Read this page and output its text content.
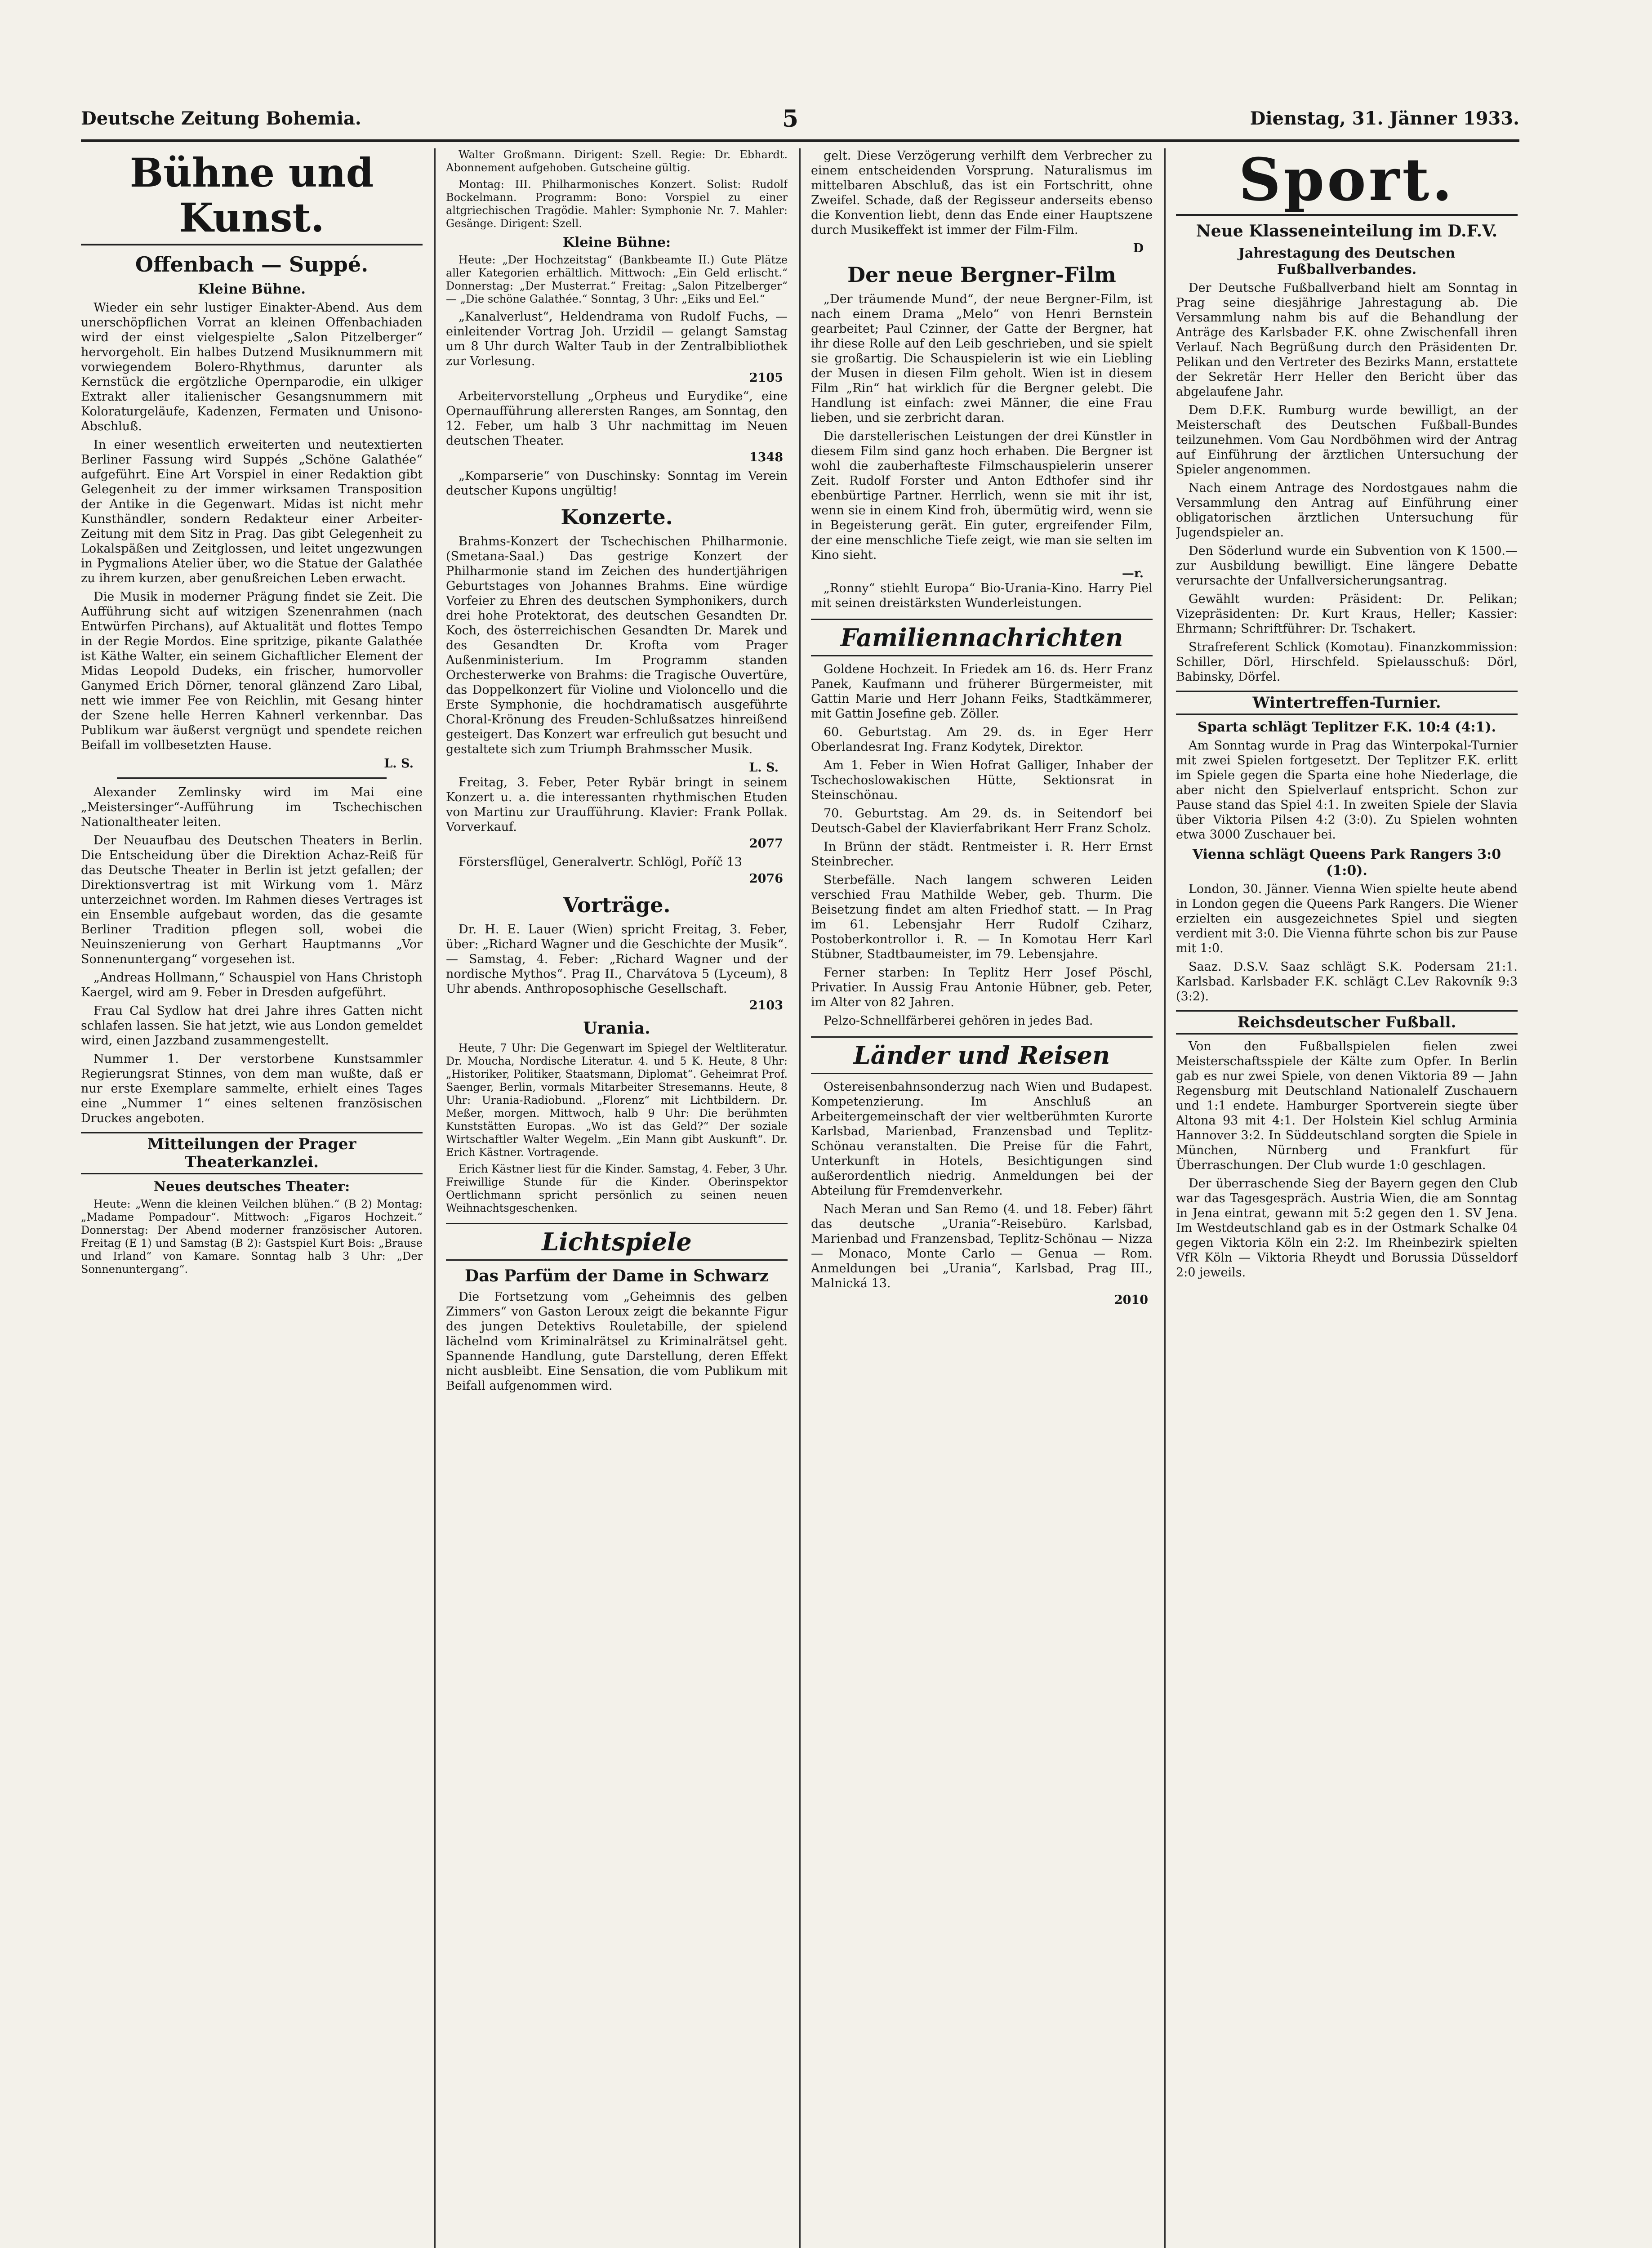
Deutsche Zeitung Bohemia.	5	Dienstag, 31. Jänner 1933.
Bühne und Kunst.
Offenbach — Suppé.
Kleine Bühne.

Wieder ein sehr lustiger Einakter-Abend. Aus dem unerschöpflichen Vorrat an kleinen Offenbachiaden wird der einst vielgespielte „Salon Pitzelberger“ hervorgeholt. Ein halbes Dutzend Musiknummern mit vorwiegendem Bolero-Rhythmus, darunter als Kernstück die ergötzliche Opernparodie, ein ulkiger Extrakt aller italienischer Gesangsnummern mit Koloraturgeläufe, Kadenzen, Fermaten und Unisono-Abschluß.

In einer wesentlich erweiterten und neutextierten Berliner Fassung wird Suppés „Schöne Galathée“ aufgeführt. Eine Art Vorspiel in einer Redaktion gibt Gelegenheit zu der immer wirksamen Transposition der Antike in die Gegenwart. Midas ist nicht mehr Kunsthändler, sondern Redakteur einer Arbeiter-Zeitung mit dem Sitz in Prag. Das gibt Gelegenheit zu Lokalspäßen und Zeitglossen, und leitet ungezwungen in Pygmalions Atelier über, wo die Statue der Galathée zu ihrem kurzen, aber genußreichen Leben erwacht.

Die Musik in moderner Prägung findet sie Zeit. Die Aufführung sicht auf witzigen Szenenrahmen (nach Entwürfen Pirchans), auf Aktualität und flottes Tempo in der Regie Mordos. Eine spritzige, pikante Galathée ist Käthe Walter, ein seinem Gichaftlicher Element der Midas Leopold Dudeks, ein frischer, humorvoller Ganymed Erich Dörner, tenoral glänzend Zaro Libal, nett wie immer Fee von Reichlin, mit Gesang hinter der Szene helle Herren Kahnerl verkennbar. Das Publikum war äußerst vergnügt und spendete reichen Beifall im vollbesetzten Hause.

L. S.

Alexander Zemlinsky wird im Mai eine „Meistersinger“-Aufführung im Tschechischen Nationaltheater leiten.

Der Neuaufbau des Deutschen Theaters in Berlin. Die Entscheidung über die Direktion Achaz-Reiß für das Deutsche Theater in Berlin ist jetzt gefallen; der Direktionsvertrag ist mit Wirkung vom 1. März unterzeichnet worden. Im Rahmen dieses Vertrages ist ein Ensemble aufgebaut worden, das die gesamte Berliner Tradition pflegen soll, wobei die Neuinszenierung von Gerhart Hauptmanns „Vor Sonnenuntergang“ vorgesehen ist.

„Andreas Hollmann,“ Schauspiel von Hans Christoph Kaergel, wird am 9. Feber in Dresden aufgeführt.

Frau Cal Sydlow hat drei Jahre ihres Gatten nicht schlafen lassen. Sie hat jetzt, wie aus London gemeldet wird, einen Jazzband zusammengestellt.

Nummer 1. Der verstorbene Kunstsammler Regierungsrat Stinnes, von dem man wußte, daß er nur erste Exemplare sammelte, erhielt eines Tages eine „Nummer 1“ eines seltenen französischen Druckes angeboten.

Mitteilungen der Prager Theaterkanzlei.
Neues deutsches Theater:

Heute: „Wenn die kleinen Veilchen blühen.“ (B 2) Montag: „Madame Pompadour“. Mittwoch: „Figaros Hochzeit.“ Donnerstag: Der Abend moderner französischer Autoren. Freitag (E 1) und Samstag (B 2): Gastspiel Kurt Bois: „Brause und Irland“ von Kamare. Sonntag halb 3 Uhr: „Der Sonnenuntergang“.

Walter Großmann. Dirigent: Szell. Regie: Dr. Ebhardt. Abonnement aufgehoben. Gutscheine gültig.

Montag: III. Philharmonisches Konzert. Solist: Rudolf Bockelmann. Programm: Bono: Vorspiel zu einer altgriechischen Tragödie. Mahler: Symphonie Nr. 7. Mahler: Gesänge. Dirigent: Szell.

Kleine Bühne:

Heute: „Der Hochzeitstag“ (Bankbeamte II.) Gute Plätze aller Kategorien erhältlich. Mittwoch: „Ein Geld erlischt.“ Donnerstag: „Der Musterrat.“ Freitag: „Salon Pitzelberger“ — „Die schöne Galathée.“ Sonntag, 3 Uhr: „Eiks und Eel.“

„Kanalverlust“, Heldendrama von Rudolf Fuchs, — einleitender Vortrag Joh. Urzidil — gelangt Samstag um 8 Uhr durch Walter Taub in der Zentralbibliothek zur Vorlesung.

2105

Arbeitervorstellung „Orpheus und Eurydike“, eine Opernaufführung allerersten Ranges, am Sonntag, den 12. Feber, um halb 3 Uhr nachmittag im Neuen deutschen Theater.

1348

„Komparserie“ von Duschinsky: Sonntag im Verein deutscher Kupons ungültig!

Konzerte.

Brahms-Konzert der Tschechischen Philharmonie. (Smetana-Saal.) Das gestrige Konzert der Philharmonie stand im Zeichen des hundertjährigen Geburtstages von Johannes Brahms. Eine würdige Vorfeier zu Ehren des deutschen Symphonikers, durch drei hohe Protektorat, des deutschen Gesandten Dr. Koch, des österreichischen Gesandten Dr. Marek und des Gesandten Dr. Krofta vom Prager Außenministerium. Im Programm standen Orchesterwerke von Brahms: die Tragische Ouvertüre, das Doppelkonzert für Violine und Violoncello und die Erste Symphonie, die hochdramatisch ausgeführte Choral-Krönung des Freuden-Schlußsatzes hinreißend gesteigert. Das Konzert war erfreulich gut besucht und gestaltete sich zum Triumph Brahmsscher Musik.

L. S.

Freitag, 3. Feber, Peter Rybär bringt in seinem Konzert u. a. die interessanten rhythmischen Etuden von Martinu zur Uraufführung. Klavier: Frank Pollak. Vorverkauf.

2077

Förstersflügel, Generalvertr. Schlögl, Poříč 13

2076
Vorträge.

Dr. H. E. Lauer (Wien) spricht Freitag, 3. Feber, über: „Richard Wagner und die Geschichte der Musik“. — Samstag, 4. Feber: „Richard Wagner und der nordische Mythos“. Prag II., Charvátova 5 (Lyceum), 8 Uhr abends. Anthroposophische Gesellschaft.

2103
Urania.

Heute, 7 Uhr: Die Gegenwart im Spiegel der Weltliteratur. Dr. Moucha, Nordische Literatur. 4. und 5 K. Heute, 8 Uhr: „Historiker, Politiker, Staatsmann, Diplomat“. Geheimrat Prof. Saenger, Berlin, vormals Mitarbeiter Stresemanns. Heute, 8 Uhr: Urania-Radiobund. „Florenz“ mit Lichtbildern. Dr. Meßer, morgen. Mittwoch, halb 9 Uhr: Die berühmten Kunststätten Europas. „Wo ist das Geld?“ Der soziale Wirtschaftler Walter Wegelm. „Ein Mann gibt Auskunft“. Dr. Erich Kästner. Vortragende.

Erich Kästner liest für die Kinder. Samstag, 4. Feber, 3 Uhr. Freiwillige Stunde für die Kinder. Oberinspektor Oertlichmann spricht persönlich zu seinen neuen Weihnachtsgeschenken.

Lichtspiele
Das Parfüm der Dame in Schwarz

Die Fortsetzung vom „Geheimnis des gelben Zimmers“ von Gaston Leroux zeigt die bekannte Figur des jungen Detektivs Rouletabille, der spielend lächelnd vom Kriminalrätsel zu Kriminalrätsel geht. Spannende Handlung, gute Darstellung, deren Effekt nicht ausbleibt. Eine Sensation, die vom Publikum mit Beifall aufgenommen wird.

gelt. Diese Verzögerung verhilft dem Verbrecher zu einem entscheidenden Vorsprung. Naturalismus im mittelbaren Abschluß, das ist ein Fortschritt, ohne Zweifel. Schade, daß der Regisseur anderseits ebenso die Konvention liebt, denn das Ende einer Hauptszene durch Musikeffekt ist immer der Film-Film.

D
Der neue Bergner-Film

„Der träumende Mund“, der neue Bergner-Film, ist nach einem Drama „Melo“ von Henri Bernstein gearbeitet; Paul Czinner, der Gatte der Bergner, hat ihr diese Rolle auf den Leib geschrieben, und sie spielt sie großartig. Die Schauspielerin ist wie ein Liebling der Musen in diesen Film geholt. Wien ist in diesem Film „Rin“ hat wirklich für die Bergner gelebt. Die Handlung ist einfach: zwei Männer, die eine Frau lieben, und sie zerbricht daran.

Die darstellerischen Leistungen der drei Künstler in diesem Film sind ganz hoch erhaben. Die Bergner ist wohl die zauberhafteste Filmschauspielerin unserer Zeit. Rudolf Forster und Anton Edthofer sind ihr ebenbürtige Partner. Herrlich, wenn sie mit ihr ist, wenn sie in einem Kind froh, übermütig wird, wenn sie in Begeisterung gerät. Ein guter, ergreifender Film, der eine menschliche Tiefe zeigt, wie man sie selten im Kino sieht.

—r.

„Ronny“ stiehlt Europa“ Bio-Urania-Kino. Harry Piel mit seinen dreistärksten Wunderleistungen.

Familiennachrichten

Goldene Hochzeit. In Friedek am 16. ds. Herr Franz Panek, Kaufmann und früherer Bürgermeister, mit Gattin Marie und Herr Johann Feiks, Stadtkämmerer, mit Gattin Josefine geb. Zöller.

60. Geburtstag. Am 29. ds. in Eger Herr Oberlandesrat Ing. Franz Kodytek, Direktor.

Am 1. Feber in Wien Hofrat Galliger, Inhaber der Tschechoslowakischen Hütte, Sektionsrat in Steinschönau.

70. Geburtstag. Am 29. ds. in Seitendorf bei Deutsch-Gabel der Klavierfabrikant Herr Franz Scholz.

In Brünn der städt. Rentmeister i. R. Herr Ernst Steinbrecher.

Sterbefälle. Nach langem schweren Leiden verschied Frau Mathilde Weber, geb. Thurm. Die Beisetzung findet am alten Friedhof statt. — In Prag im 61. Lebensjahr Herr Rudolf Cziharz, Postoberkontrollor i. R. — In Komotau Herr Karl Stübner, Stadtbaumeister, im 79. Lebensjahre.

Ferner starben: In Teplitz Herr Josef Pöschl, Privatier. In Aussig Frau Antonie Hübner, geb. Peter, im Alter von 82 Jahren.

Pelzo-Schnellfärberei gehören in jedes Bad.

Länder und Reisen

Ostereisenbahnsonderzug nach Wien und Budapest. Kompetenzierung. Im Anschluß an Arbeitergemeinschaft der vier weltberühmten Kurorte Karlsbad, Marienbad, Franzensbad und Teplitz-Schönau veranstalten. Die Preise für die Fahrt, Unterkunft in Hotels, Besichtigungen sind außerordentlich niedrig. Anmeldungen bei der Abteilung für Fremdenverkehr.

Nach Meran und San Remo (4. und 18. Feber) fährt das deutsche „Urania“-Reisebüro. Karlsbad, Marienbad und Franzensbad, Teplitz-Schönau — Nizza — Monaco, Monte Carlo — Genua — Rom. Anmeldungen bei „Urania“, Karlsbad, Prag III., Malnická 13.

2010
Sport.
Neue Klasseneinteilung im D.F.V.
Jahrestagung des Deutschen Fußballverbandes.

Der Deutsche Fußballverband hielt am Sonntag in Prag seine diesjährige Jahrestagung ab. Die Versammlung nahm bis auf die Behandlung der Anträge des Karlsbader F.K. ohne Zwischenfall ihren Verlauf. Nach Begrüßung durch den Präsidenten Dr. Pelikan und den Vertreter des Bezirks Mann, erstattete der Sekretär Herr Heller den Bericht über das abgelaufene Jahr.

Dem D.F.K. Rumburg wurde bewilligt, an der Meisterschaft des Deutschen Fußball-Bundes teilzunehmen. Vom Gau Nordböhmen wird der Antrag auf Einführung der ärztlichen Untersuchung der Spieler angenommen.

Nach einem Antrage des Nordostgaues nahm die Versammlung den Antrag auf Einführung einer obligatorischen ärztlichen Untersuchung für Jugendspieler an.

Den Söderlund wurde ein Subvention von K 1500.— zur Ausbildung bewilligt. Eine längere Debatte verursachte der Unfallversicherungsantrag.

Gewählt wurden: Präsident: Dr. Pelikan; Vizepräsidenten: Dr. Kurt Kraus, Heller; Kassier: Ehrmann; Schriftführer: Dr. Tschakert.

Strafreferent Schlick (Komotau). Finanzkommission: Schiller, Dörl, Hirschfeld. Spielausschuß: Dörl, Babinsky, Dörfel.

Wintertreffen-Turnier.
Sparta schlägt Teplitzer F.K. 10:4 (4:1).

Am Sonntag wurde in Prag das Winterpokal-Turnier mit zwei Spielen fortgesetzt. Der Teplitzer F.K. erlitt im Spiele gegen die Sparta eine hohe Niederlage, die aber nicht den Spielverlauf entspricht. Schon zur Pause stand das Spiel 4:1. In zweiten Spiele der Slavia über Viktoria Pilsen 4:2 (3:0). Zu Spielen wohnten etwa 3000 Zuschauer bei.

Vienna schlägt Queens Park Rangers 3:0 (1:0).

London, 30. Jänner. Vienna Wien spielte heute abend in London gegen die Queens Park Rangers. Die Wiener erzielten ein ausgezeichnetes Spiel und siegten verdient mit 3:0. Die Vienna führte schon bis zur Pause mit 1:0.

Saaz. D.S.V. Saaz schlägt S.K. Podersam 21:1. Karlsbad. Karlsbader F.K. schlägt C.Lev Rakovník 9:3 (3:2).

Reichsdeutscher Fußball.

Von den Fußballspielen fielen zwei Meisterschaftsspiele der Kälte zum Opfer. In Berlin gab es nur zwei Spiele, von denen Viktoria 89 — Jahn Regensburg mit Deutschland Nationalelf Zuschauern und 1:1 endete. Hamburger Sportverein siegte über Altona 93 mit 4:1. Der Holstein Kiel schlug Arminia Hannover 3:2. In Süddeutschland sorgten die Spiele in München, Nürnberg und Frankfurt für Überraschungen. Der Club wurde 1:0 geschlagen.

Der überraschende Sieg der Bayern gegen den Club war das Tagesgespräch. Austria Wien, die am Sonntag in Jena eintrat, gewann mit 5:2 gegen den 1. SV Jena. Im Westdeutschland gab es in der Ostmark Schalke 04 gegen Viktoria Köln ein 2:2. Im Rheinbezirk spielten VfR Köln — Viktoria Rheydt und Borussia Düsseldorf 2:0 jeweils.
